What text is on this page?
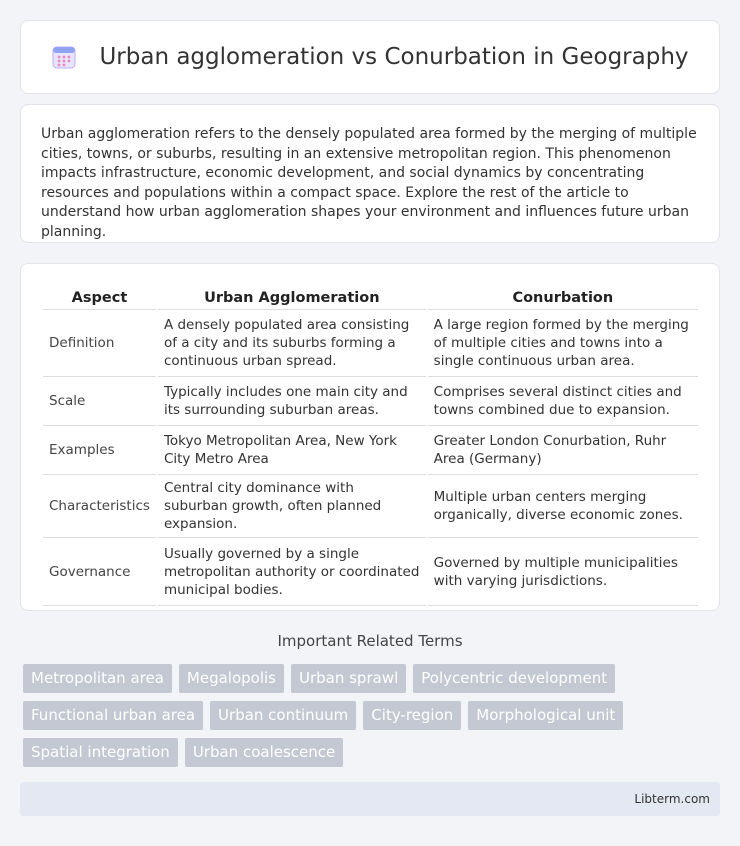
Urban agglomeration vs Conurbation in Geography

Urban agglomeration refers to the densely populated area formed by the merging of multiple cities, towns, or suburbs, resulting in an extensive metropolitan region. This phenomenon impacts infrastructure, economic development, and social dynamics by concentrating resources and populations within a compact space. Explore the rest of the article to understand how urban agglomeration shapes your environment and influences future urban planning.

Aspect	Urban Agglomeration	Conurbation
Definition	A densely populated area consisting of a city and its suburbs forming a continuous urban spread.	A large region formed by the merging of multiple cities and towns into a single continuous urban area.
Scale	Typically includes one main city and its surrounding suburban areas.	Comprises several distinct cities and towns combined due to expansion.
Examples	Tokyo Metropolitan Area, New York City Metro Area	Greater London Conurbation, Ruhr Area (Germany)
Characteristics	Central city dominance with suburban growth, often planned expansion.	Multiple urban centers merging organically, diverse economic zones.
Governance	Usually governed by a single metropolitan authority or coordinated municipal bodies.	Governed by multiple municipalities with varying jurisdictions.
Important Related Terms
Metropolitan area	Megalopolis	Urban sprawl	Polycentric development
Functional urban area	Urban continuum	City-region	Morphological unit
Spatial integration	Urban coalescence
Libterm.com
